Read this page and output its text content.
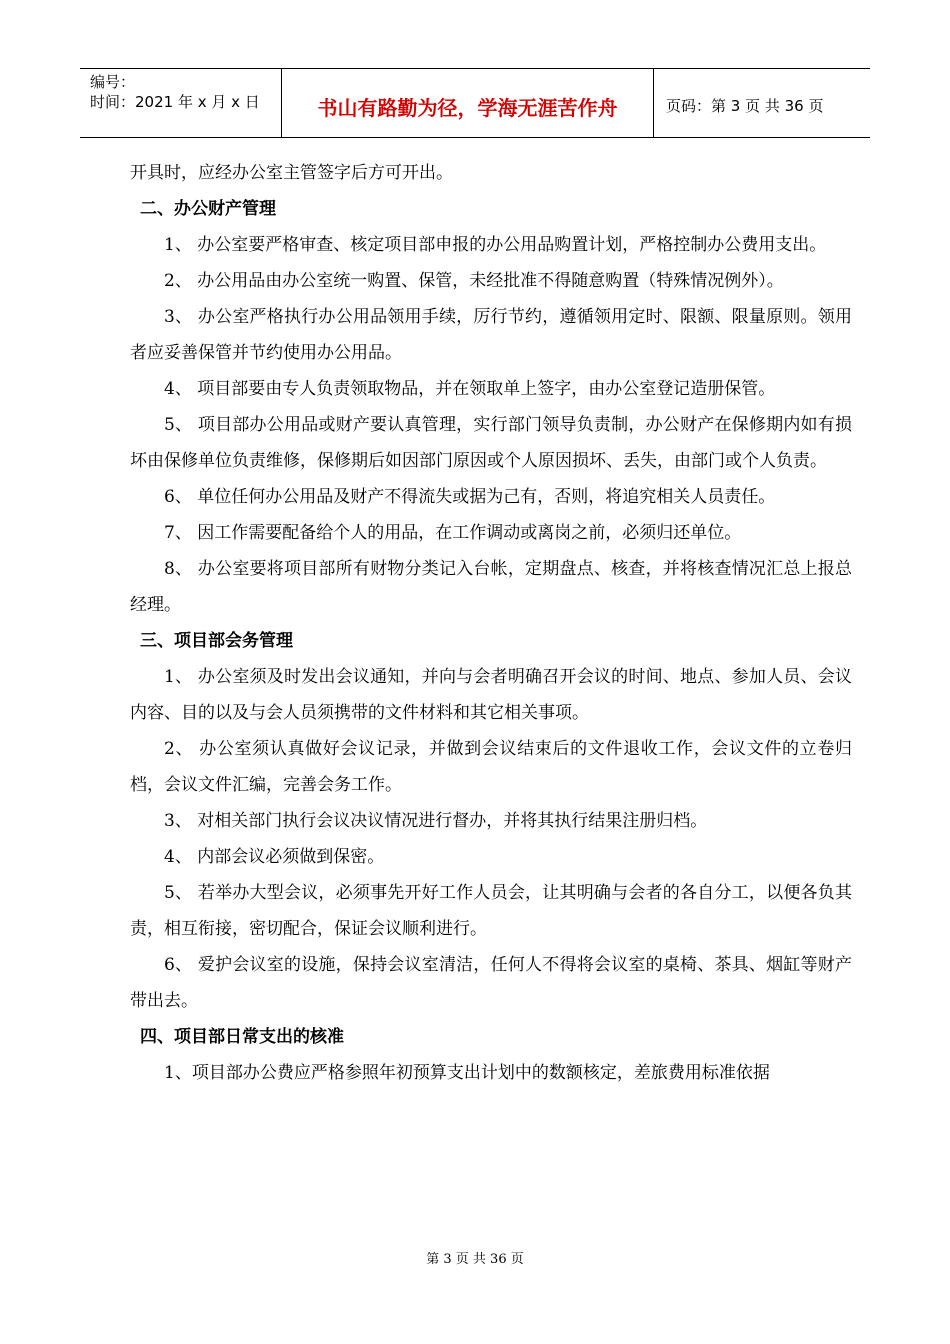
编号：
时间：2021 年 x 月 x 日	书山有路勤为径，学海无涯苦作舟	页码：第 3 页 共 36 页

开具时，应经办公室主管签字后方可开出。

二、办公财产管理

1、 办公室要严格审查、核定项目部申报的办公用品购置计划，严格控制办公费用支出。

2、 办公用品由办公室统一购置、保管，未经批准不得随意购置（特殊情况例外）。

3、 办公室严格执行办公用品领用手续，厉行节约，遵循领用定时、限额、限量原则。领用者应妥善保管并节约使用办公用品。

4、 项目部要由专人负责领取物品，并在领取单上签字，由办公室登记造册保管。

5、 项目部办公用品或财产要认真管理，实行部门领导负责制，办公财产在保修期内如有损坏由保修单位负责维修，保修期后如因部门原因或个人原因损坏、丢失，由部门或个人负责。

6、 单位任何办公用品及财产不得流失或据为己有，否则，将追究相关人员责任。

7、 因工作需要配备给个人的用品，在工作调动或离岗之前，必须归还单位。

8、 办公室要将项目部所有财物分类记入台帐，定期盘点、核查，并将核查情况汇总上报总经理。

三、项目部会务管理

1、 办公室须及时发出会议通知，并向与会者明确召开会议的时间、地点、参加人员、会议内容、目的以及与会人员须携带的文件材料和其它相关事项。

2、 办公室须认真做好会议记录，并做到会议结束后的文件退收工作，会议文件的立卷归档，会议文件汇编，完善会务工作。

3、 对相关部门执行会议决议情况进行督办，并将其执行结果注册归档。

4、 内部会议必须做到保密。

5、 若举办大型会议，必须事先开好工作人员会，让其明确与会者的各自分工，以便各负其责，相互衔接，密切配合，保证会议顺利进行。

6、 爱护会议室的设施，保持会议室清洁，任何人不得将会议室的桌椅、茶具、烟缸等财产带出去。

四、项目部日常支出的核准

1、项目部办公费应严格参照年初预算支出计划中的数额核定，差旅费用标准依据

第 3 页 共 36 页
